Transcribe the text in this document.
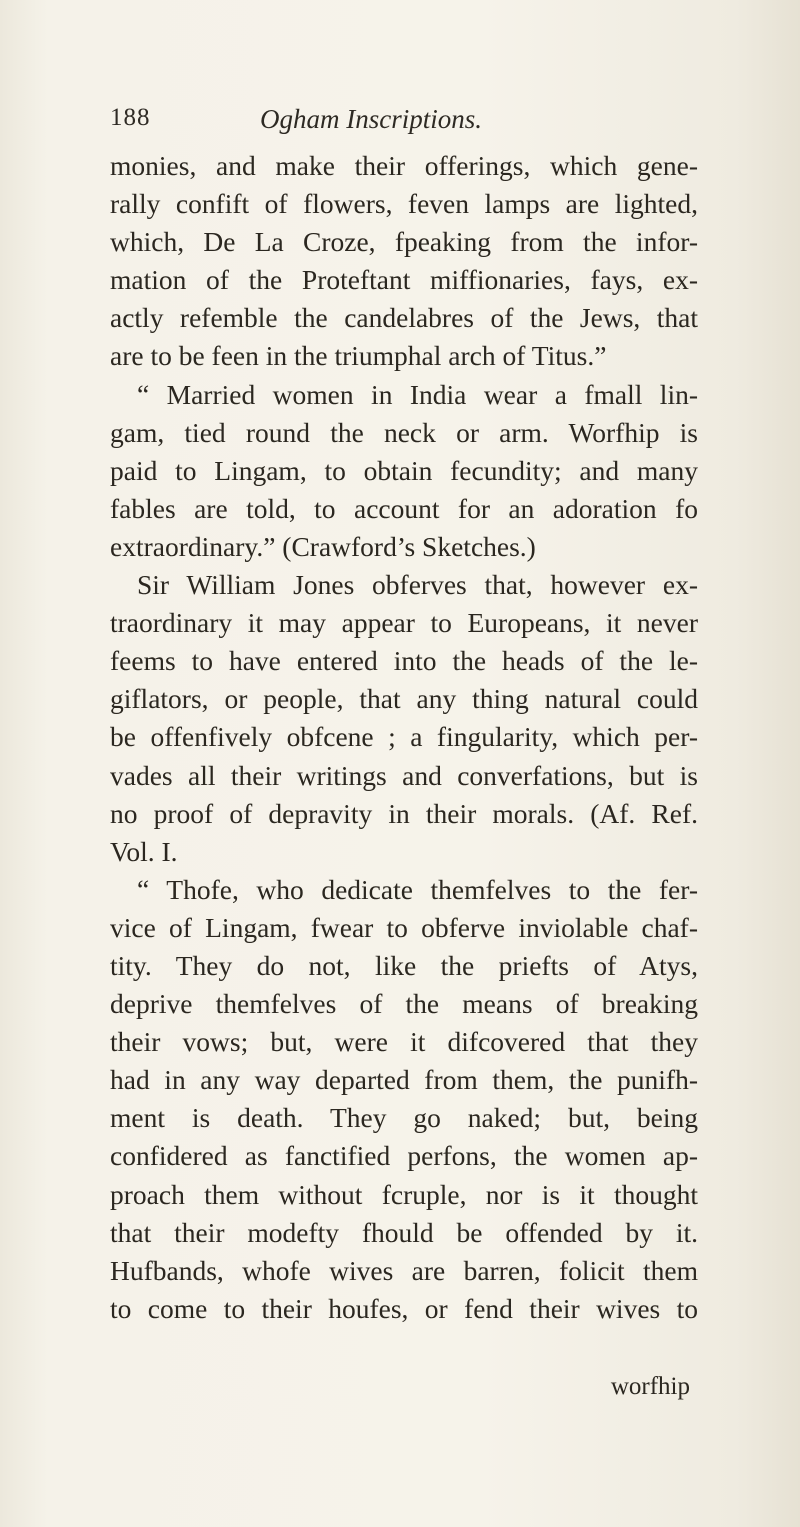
188	Ogham Inscriptions.
monies, and make their offerings, which gene-
rally confift of flowers, feven lamps are lighted,
which, De La Croze, fpeaking from the infor-
mation of the Proteftant miffionaries, fays, ex-
actly refemble the candelabres of the Jews, that
are to be feen in the triumphal arch of Titus.”
“ Married women in India wear a fmall lin-
gam, tied round the neck or arm. Worfhip is
paid to Lingam, to obtain fecundity; and many
fables are told, to account for an adoration fo
extraordinary.” (Crawford’s Sketches.)
Sir William Jones obferves that, however ex-
traordinary it may appear to Europeans, it never
feems to have entered into the heads of the le-
giflators, or people, that any thing natural could
be offenfively obfcene ; a fingularity, which per-
vades all their writings and converfations, but is
no proof of depravity in their morals. (Af. Ref.
Vol. I.
“ Thofe, who dedicate themfelves to the fer-
vice of Lingam, fwear to obferve inviolable chaf-
tity. They do not, like the priefts of Atys,
deprive themfelves of the means of breaking
their vows; but, were it difcovered that they
had in any way departed from them, the punifh-
ment is death. They go naked; but, being
confidered as fanctified perfons, the women ap-
proach them without fcruple, nor is it thought
that their modefty fhould be offended by it.
Hufbands, whofe wives are barren, folicit them
to come to their houfes, or fend their wives to
worfhip
